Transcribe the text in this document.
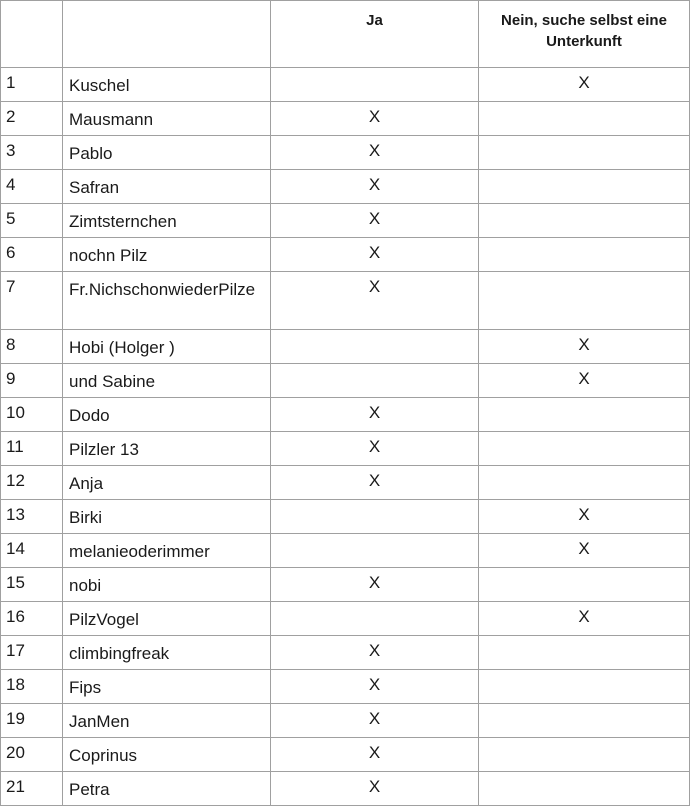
		Ja	Nein, suche selbst eine Unterkunft
1	Kuschel		X
2	Mausmann	X	
3	Pablo	X	
4	Safran	X	
5	Zimtsternchen	X	
6	nochn Pilz	X	
7	Fr.NichschonwiederPilze	X	
8	Hobi (Holger )		X
9	und Sabine		X
10	Dodo	X	
11	Pilzler 13	X	
12	Anja	X	
13	Birki		X
14	melanieoderimmer		X
15	nobi	X	
16	PilzVogel		X
17	climbingfreak	X	
18	Fips	X	
19	JanMen	X	
20	Coprinus	X	
21	Petra	X	
